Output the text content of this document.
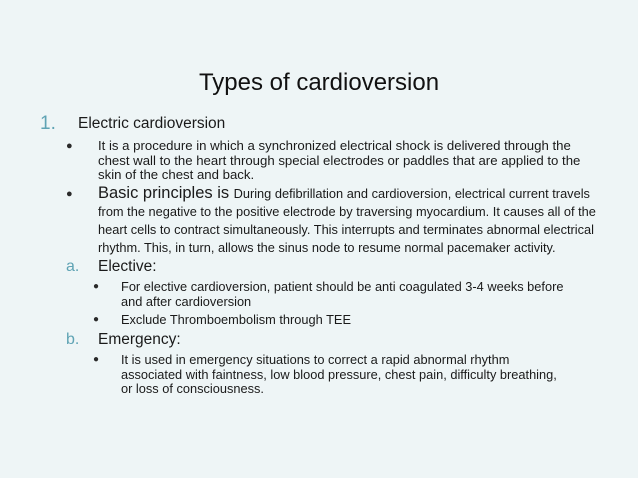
Types of cardioversion
1.	Electric cardioversion
●	It is a procedure in which a synchronized electrical shock is delivered through the chest wall to the heart through special electrodes or paddles that are applied to the skin of the chest and back.
●	Basic principles is During defibrillation and cardioversion, electrical current travels from the negative to the positive electrode by traversing myocardium. It causes all of the heart cells to contract simultaneously. This interrupts and terminates abnormal electrical rhythm. This, in turn, allows the sinus node to resume normal pacemaker activity.
a.	Elective:
●	For elective cardioversion, patient should be anti coagulated 3-4 weeks before and after cardioversion
●	Exclude Thromboembolism through TEE
b.	Emergency:
●	It is used in emergency situations to correct a rapid abnormal rhythm associated with faintness, low blood pressure, chest pain, difficulty breathing, or loss of consciousness.
